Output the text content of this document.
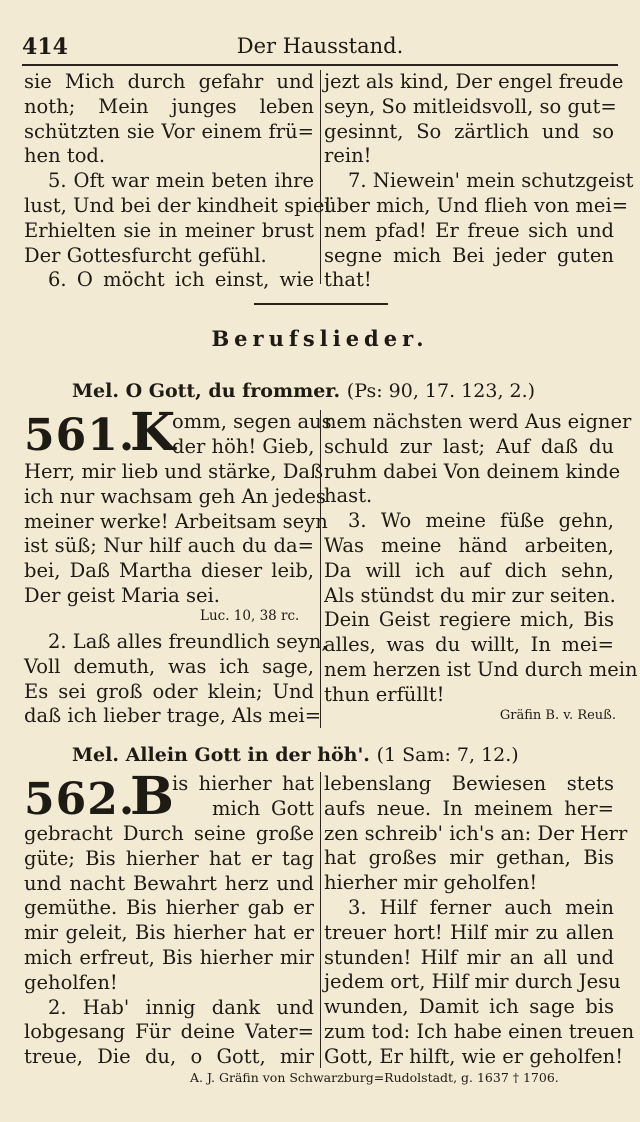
414	Der Hausstand.
sie Mich durch gefahr und
noth; Mein junges leben
schützten sie Vor einem frü=
hen tod.
5. Oft war mein beten ihre
lust, Und bei der kindheit spiel
Erhielten sie in meiner brust
Der Gottesfurcht gefühl.
6. O möcht ich einst, wie
jezt als kind, Der engel freude
seyn, So mitleidsvoll, so gut=
gesinnt, So zärtlich und so
rein!
7. Niewein' mein schutzgeist
über mich, Und flieh von mei=
nem pfad! Er freue sich und
segne mich Bei jeder guten
that!
Berufslieder.
Mel. O Gott, du frommer. (Ps: 90, 17. 123, 2.)
561.
K
omm, segen aus
der höh! Gieb,
Herr, mir lieb und stärke, Daß
ich nur wachsam geh An jedes
meiner werke! Arbeitsam seyn
ist süß; Nur hilf auch du da=
bei, Daß Martha dieser leib,
Der geist Maria sei.
Luc. 10, 38 rc.
2. Laß alles freundlich seyn,
Voll demuth, was ich sage,
Es sei groß oder klein; Und
daß ich lieber trage, Als mei=
nem nächsten werd Aus eigner
schuld zur last; Auf daß du
ruhm dabei Von deinem kinde
hast.
3. Wo meine füße gehn,
Was meine händ arbeiten,
Da will ich auf dich sehn,
Als stündst du mir zur seiten.
Dein Geist regiere mich, Bis
alles, was du willt, In mei=
nem herzen ist Und durch mein
thun erfüllt!
Gräfin B. v. Reuß.
Mel. Allein Gott in der höh'. (1 Sam: 7, 12.)
562.
B
is hierher hat
mich Gott
gebracht Durch seine große
güte; Bis hierher hat er tag
und nacht Bewahrt herz und
gemüthe. Bis hierher gab er
mir geleit, Bis hierher hat er
mich erfreut, Bis hierher mir
geholfen!
2. Hab' innig dank und
lobgesang Für deine Vater=
treue, Die du, o Gott, mir
lebenslang Bewiesen stets
aufs neue. In meinem her=
zen schreib' ich's an: Der Herr
hat großes mir gethan, Bis
hierher mir geholfen!
3. Hilf ferner auch mein
treuer hort! Hilf mir zu allen
stunden! Hilf mir an all und
jedem ort, Hilf mir durch Jesu
wunden, Damit ich sage bis
zum tod: Ich habe einen treuen
Gott, Er hilft, wie er geholfen!
A. J. Gräfin von Schwarzburg=Rudolstadt, g. 1637 † 1706.
